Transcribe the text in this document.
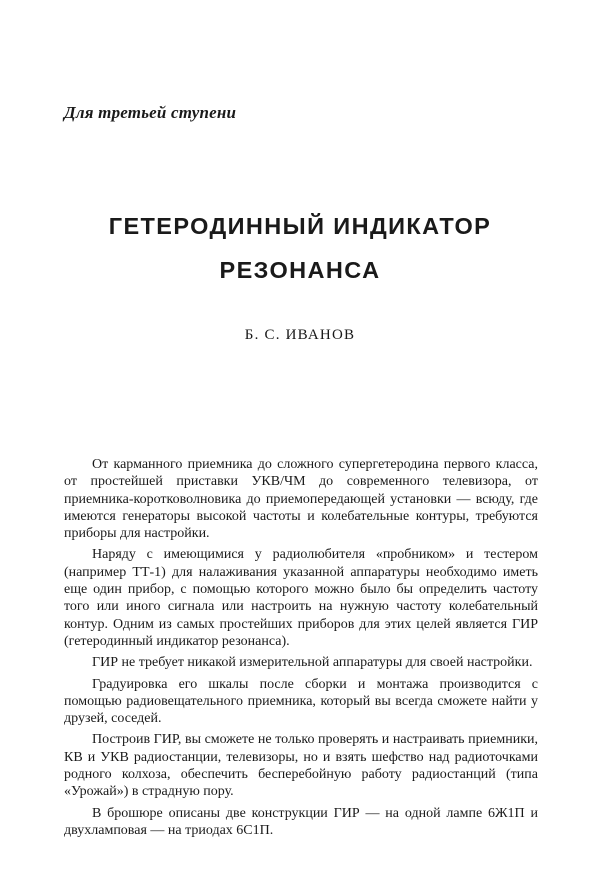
Для третьей ступени

ГЕТЕРОДИННЫЙ ИНДИКАТОР
РЕЗОНАНСА

Б. С. ИВАНОВ

От карманного приемника до сложного супергетеродина первого класса, от простейшей приставки УКВ/ЧМ до современного телевизора, от приемника-коротковолновика до приемопередающей установки — всюду, где имеются генераторы высокой частоты и колебательные контуры, требуются приборы для настройки.

Наряду с имеющимися у радиолюбителя «пробником» и тестером (например ТТ-1) для налаживания указанной аппаратуры необходимо иметь еще один прибор, с помощью которого можно было бы определить частоту того или иного сигнала или настроить на нужную частоту колебательный контур. Одним из самых простейших приборов для этих целей является ГИР (гетеродинный индикатор резонанса).

ГИР не требует никакой измерительной аппаратуры для своей настройки.

Градуировка его шкалы после сборки и монтажа производится с помощью радиовещательного приемника, который вы всегда сможете найти у друзей, соседей.

Построив ГИР, вы сможете не только проверять и настраивать приемники, КВ и УКВ радиостанции, телевизоры, но и взять шефство над радиоточками родного колхоза, обеспечить бесперебойную работу радиостанций (типа «Урожай») в страдную пору.

В брошюре описаны две конструкции ГИР — на одной лампе 6Ж1П и двухламповая — на триодах 6С1П.
